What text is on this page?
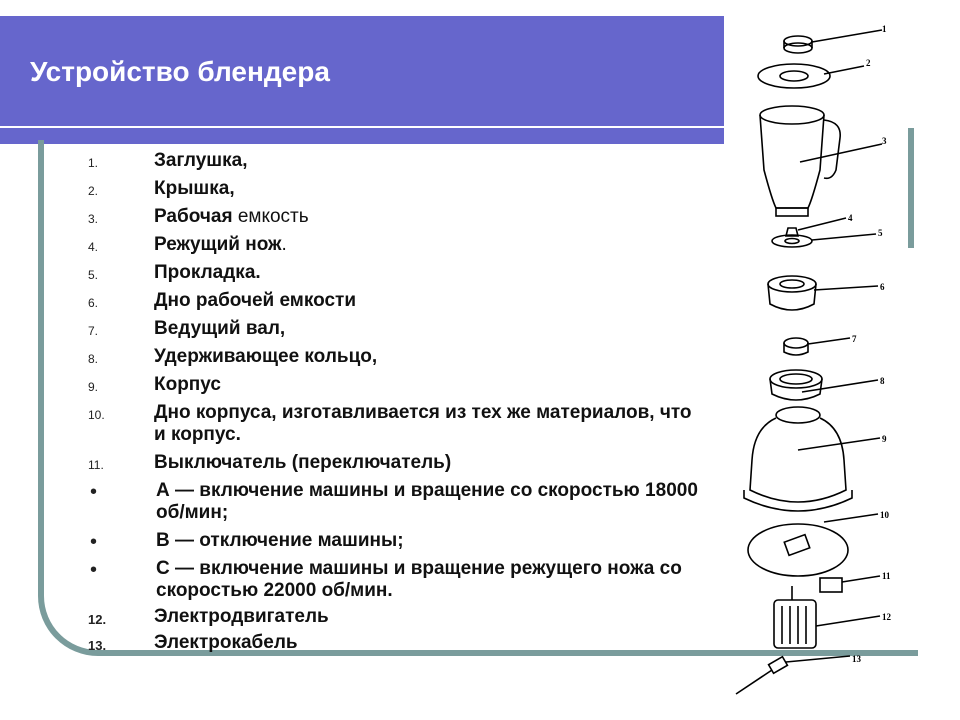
Устройство блендера
1.	Заглушка,
2.	Крышка,
3.	Рабочая емкость
4.	Режущий нож.
5.	Прокладка.
6.	Дно рабочей емкости
7.	Ведущий вал,
8.	Удерживающее кольцо,
9.	Корпус
10.	Дно корпуса, изготавливается из тех же материалов, что и корпус.
11.	Выключатель (переключатель)
•	А — включение машины и вращение со скоростью 18000 об/мин;
•	В — отключение машины;
•	С — включение машины и вращение режущего ножа со скоростью 22000 об/мин.
12.	Электродвигатель
13.	Электрокабель
1
2
3
4
5
6
7
8
9
10
11
12
13
